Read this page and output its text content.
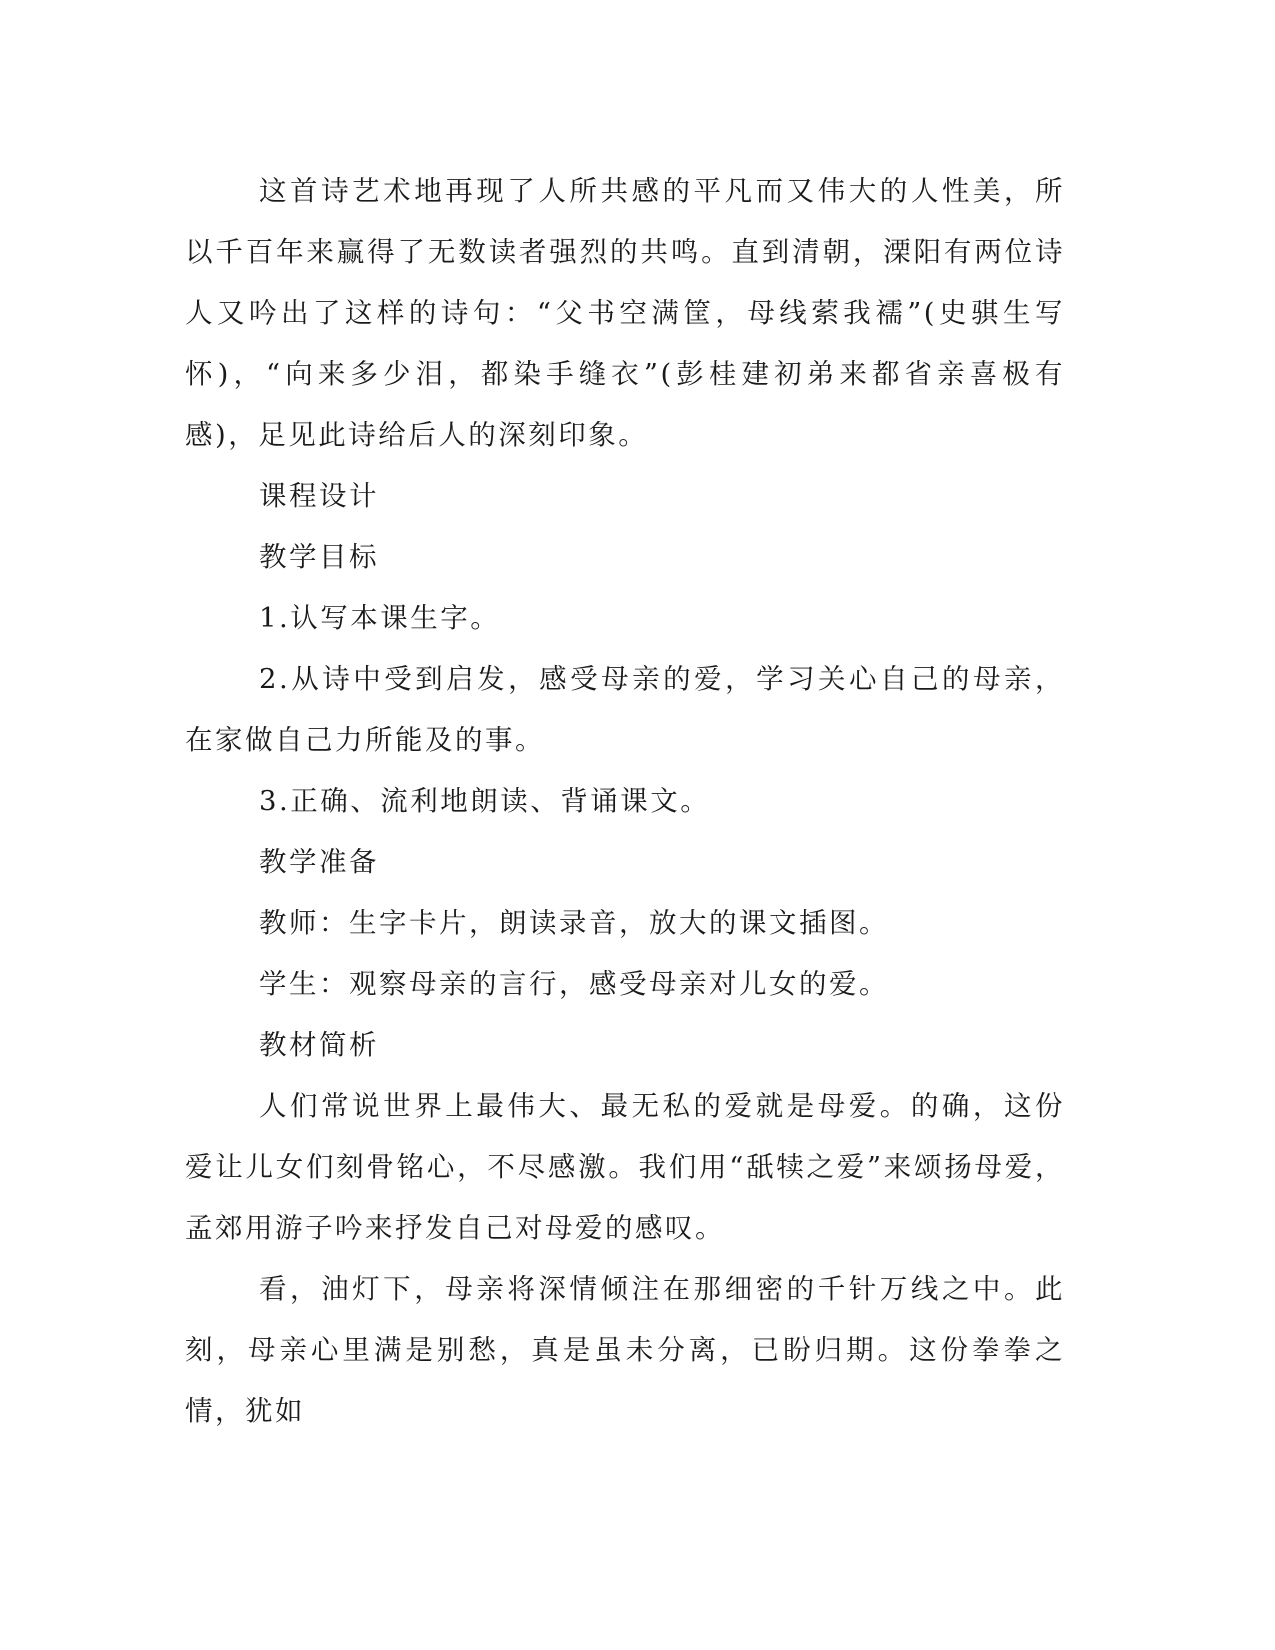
这首诗艺术地再现了人所共感的平凡而又伟大的人性美，所以千百年来赢得了无数读者强烈的共鸣。直到清朝，溧阳有两位诗人又吟出了这样的诗句：“父书空满筐，母线萦我襦”(史骐生写怀)，“向来多少泪，都染手缝衣”(彭桂建初弟来都省亲喜极有感)，足见此诗给后人的深刻印象。

课程设计

教学目标

1.认写本课生字。

2.从诗中受到启发，感受母亲的爱，学习关心自己的母亲，在家做自己力所能及的事。

3.正确、流利地朗读、背诵课文。

教学准备

教师：生字卡片，朗读录音，放大的课文插图。

学生：观察母亲的言行，感受母亲对儿女的爱。

教材简析

人们常说世界上最伟大、最无私的爱就是母爱。的确，这份爱让儿女们刻骨铭心，不尽感激。我们用“舐犊之爱”来颂扬母爱，孟郊用游子吟来抒发自己对母爱的感叹。

看，油灯下，母亲将深情倾注在那细密的千针万线之中。此刻，母亲心里满是别愁，真是虽未分离，已盼归期。这份拳拳之情，犹如
